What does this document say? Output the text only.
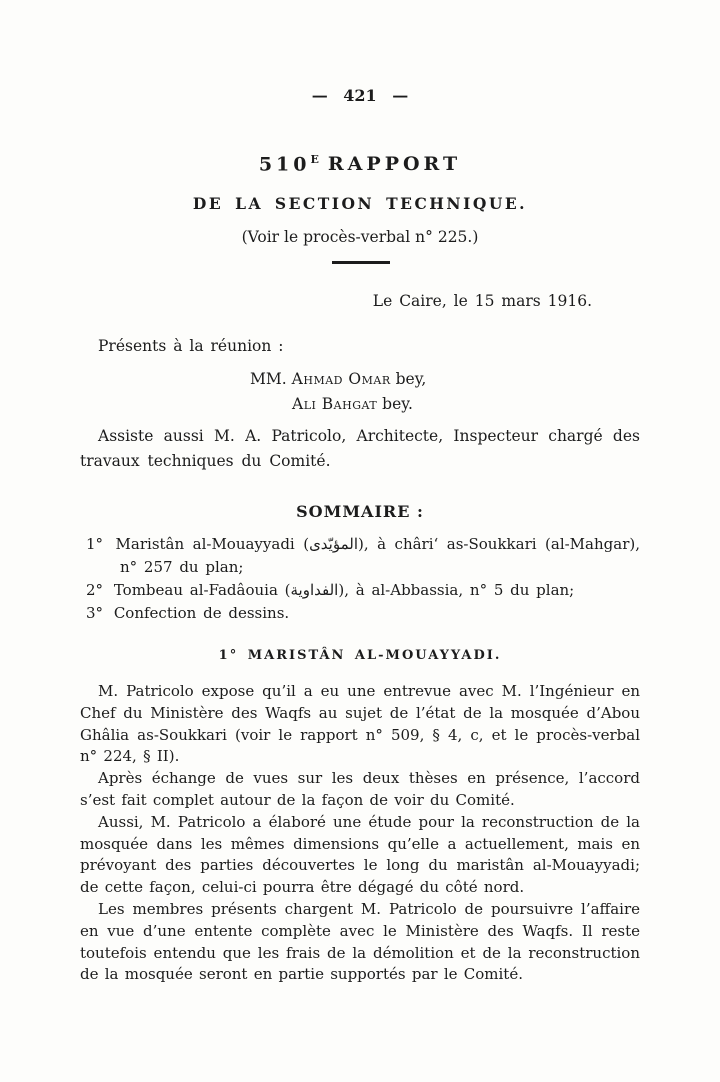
— 421 —
$510^E$ RAPPORT
DE LA SECTION TECHNIQUE.
(Voir le procès-verbal n° 225.)
Le Caire, le 15 mars 1916.
Présents à la réunion :
MM. Ahmad Omar bey,
Ali Bahgat bey.
Assiste aussi M. A. Patricolo, Architecte, Inspecteur chargé des travaux techniques du Comité.
SOMMAIRE :
1° Maristân al-Mouayyadi (المؤيّدى), à châri‘ as-Soukkari (al-Mahgar), n° 257 du plan;
2° Tombeau al-Fadâouia (الفداوية), à al-Abbassia, n° 5 du plan;
3° Confection de dessins.
1° MARISTÂN AL-MOUAYYADI.

M. Patricolo expose qu’il a eu une entrevue avec M. l’Ingénieur en Chef du Ministère des Waqfs au sujet de l’état de la mosquée d’Abou Ghâlia as-Soukkari (voir le rapport n° 509, § 4, c, et le procès-verbal n° 224, § II).

Après échange de vues sur les deux thèses en présence, l’accord s’est fait complet autour de la façon de voir du Comité.

Aussi, M. Patricolo a élaboré une étude pour la reconstruction de la mosquée dans les mêmes dimensions qu’elle a actuellement, mais en prévoyant des parties découvertes le long du maristân al-Mouayyadi; de cette façon, celui-ci pourra être dégagé du côté nord.

Les membres présents chargent M. Patricolo de poursuivre l’affaire en vue d’une entente complète avec le Ministère des Waqfs. Il reste toutefois entendu que les frais de la démolition et de la reconstruction de la mosquée seront en partie supportés par le Comité.
